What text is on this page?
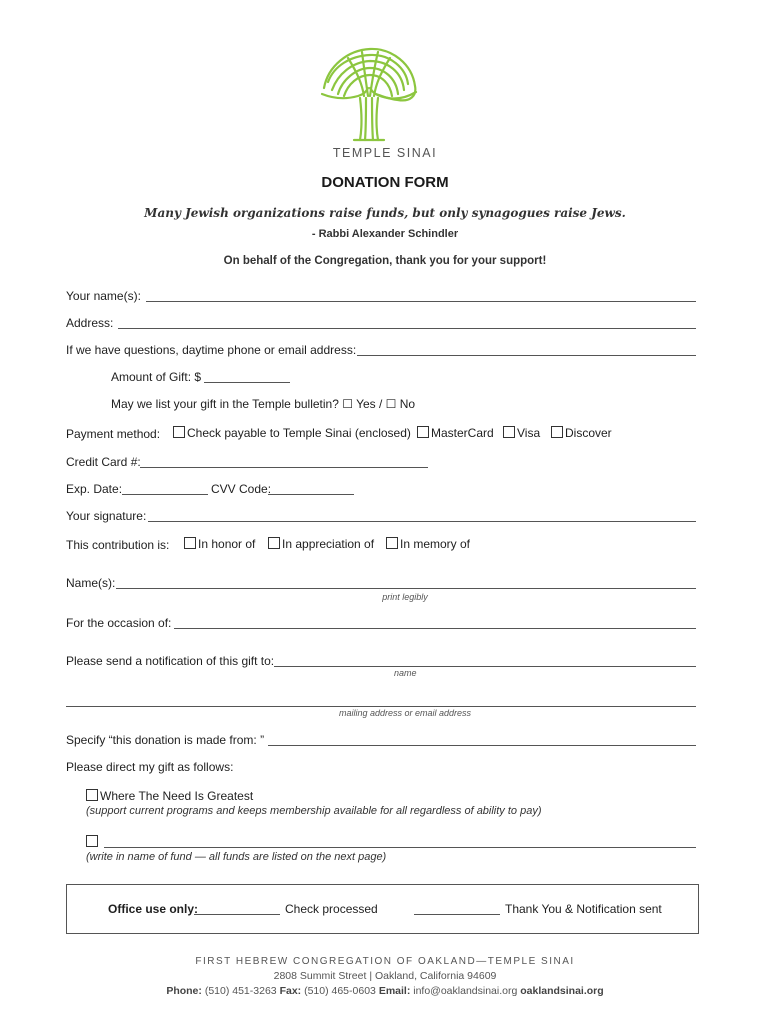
TEMPLE SINAI
DONATION FORM
Many Jewish organizations raise funds, but only synagogues raise Jews.
- Rabbi Alexander Schindler
On behalf of the Congregation, thank you for your support!
Your name(s):
Address:
If we have questions, daytime phone or email address:
Amount of Gift: $
May we list your gift in the Temple bulletin? ☐ Yes / ☐ No
Payment method:	Check payable to Temple Sinai (enclosed)	MasterCard	Visa	Discover
Credit Card #:
Exp. Date:	CVV Code:
Your signature:
This contribution is:	In honor of	In appreciation of	In memory of
Name(s):
print legibly
For the occasion of:
Please send a notification of this gift to:
name
mailing address or email address
Specify “this donation is made from: ”
Please direct my gift as follows:
Where The Need Is Greatest
(support current programs and keeps membership available for all regardless of ability to pay)
(write in name of fund — all funds are listed on the next page)
Office use only:	Check processed	Thank You & Notification sent
FIRST HEBREW CONGREGATION OF OAKLAND—TEMPLE SINAI
2808 Summit Street | Oakland, California 94609
Phone: (510) 451-3263 Fax: (510) 465-0603 Email: info@oaklandsinai.org oaklandsinai.org
